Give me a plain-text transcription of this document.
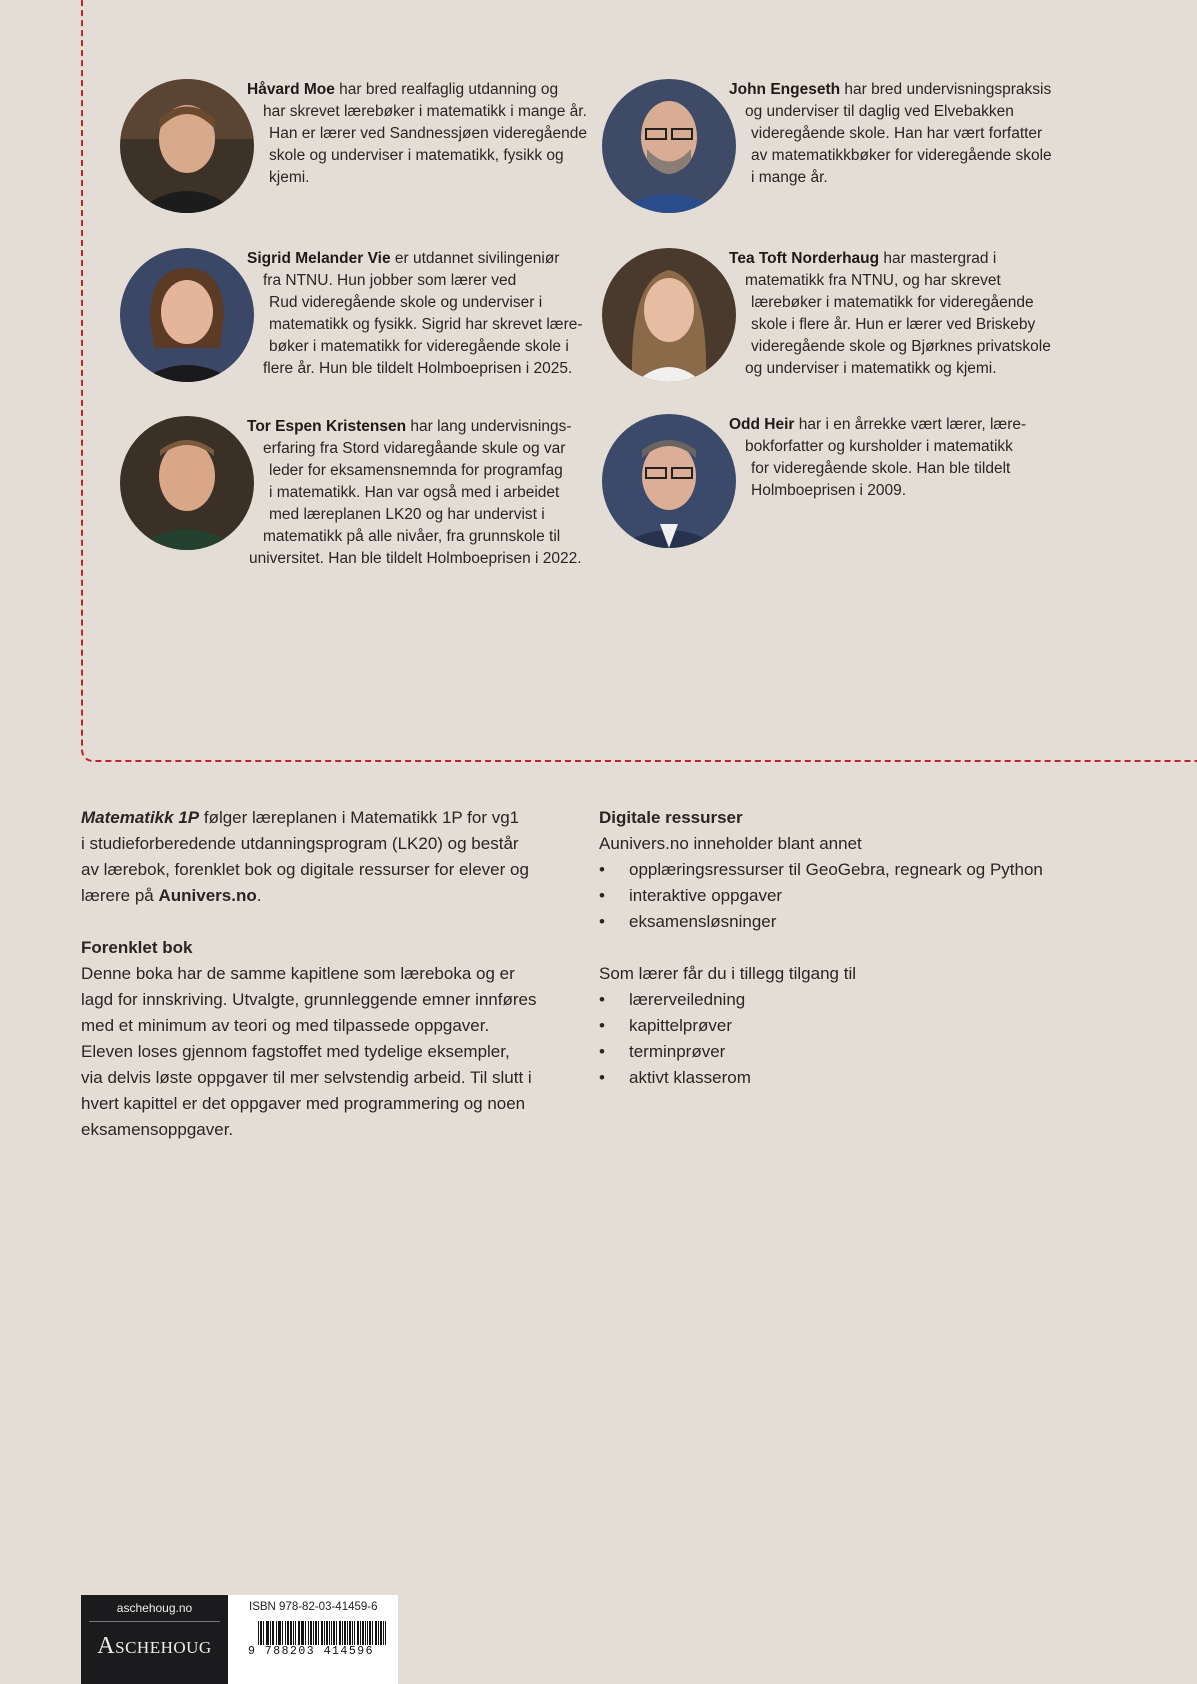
Håvard Moe har bred realfaglig utdanning og
har skrevet lærebøker i matematikk i mange år.
Han er lærer ved Sandnessjøen videregående
skole og underviser i matematikk, fysikk og
kjemi.
John Engeseth har bred undervisningspraksis
og underviser til daglig ved Elvebakken
videregående skole. Han har vært forfatter
av matematikkbøker for videregående skole
i mange år.
Sigrid Melander Vie er utdannet sivilingeniør
fra NTNU. Hun jobber som lærer ved
Rud videregående skole og underviser i
matematikk og fysikk. Sigrid har skrevet lære-
bøker i matematikk for videregående skole i
flere år. Hun ble tildelt Holmboeprisen i 2025.
Tea Toft Norderhaug har mastergrad i
matematikk fra NTNU, og har skrevet
lærebøker i matematikk for videregående
skole i flere år. Hun er lærer ved Briskeby
videregående skole og Bjørknes privatskole
og underviser i matematikk og kjemi.
Tor Espen Kristensen har lang undervisnings-
erfaring fra Stord vidaregåande skule og var
leder for eksamensnemnda for programfag
i matematikk. Han var også med i arbeidet
med læreplanen LK20 og har undervist i
matematikk på alle nivåer, fra grunnskole til
universitet. Han ble tildelt Holmboeprisen i 2022.
Odd Heir har i en årrekke vært lærer, lære-
bokforfatter og kursholder i matematikk
for videregående skole. Han ble tildelt
Holmboeprisen i 2009.

Matematikk 1P følger læreplanen i Matematikk 1P for vg1

i studieforberedende utdanningsprogram (LK20) og består

av lærebok, forenklet bok og digitale ressurser for elever og

lærere på Aunivers.no.

Forenklet bok

Denne boka har de samme kapitlene som læreboka og er

lagd for innskriving. Utvalgte, grunnleggende emner innføres

med et minimum av teori og med tilpassede oppgaver.

Eleven loses gjennom fagstoffet med tydelige eksempler,

via delvis løste oppgaver til mer selvstendig arbeid. Til slutt i

hvert kapittel er det oppgaver med programmering og noen

eksamensoppgaver.

Digitale ressurser

Aunivers.no inneholder blant annet

• opplæringsressurser til GeoGebra, regneark og Python
• interaktive oppgaver
• eksamensløsninger

Som lærer får du i tillegg tilgang til

• lærerveiledning
• kapittelprøver
• terminprøver
• aktivt klasserom
aschehoug.no
Aschehoug
ISBN 978-82-03-41459-6
9 788203 414596
